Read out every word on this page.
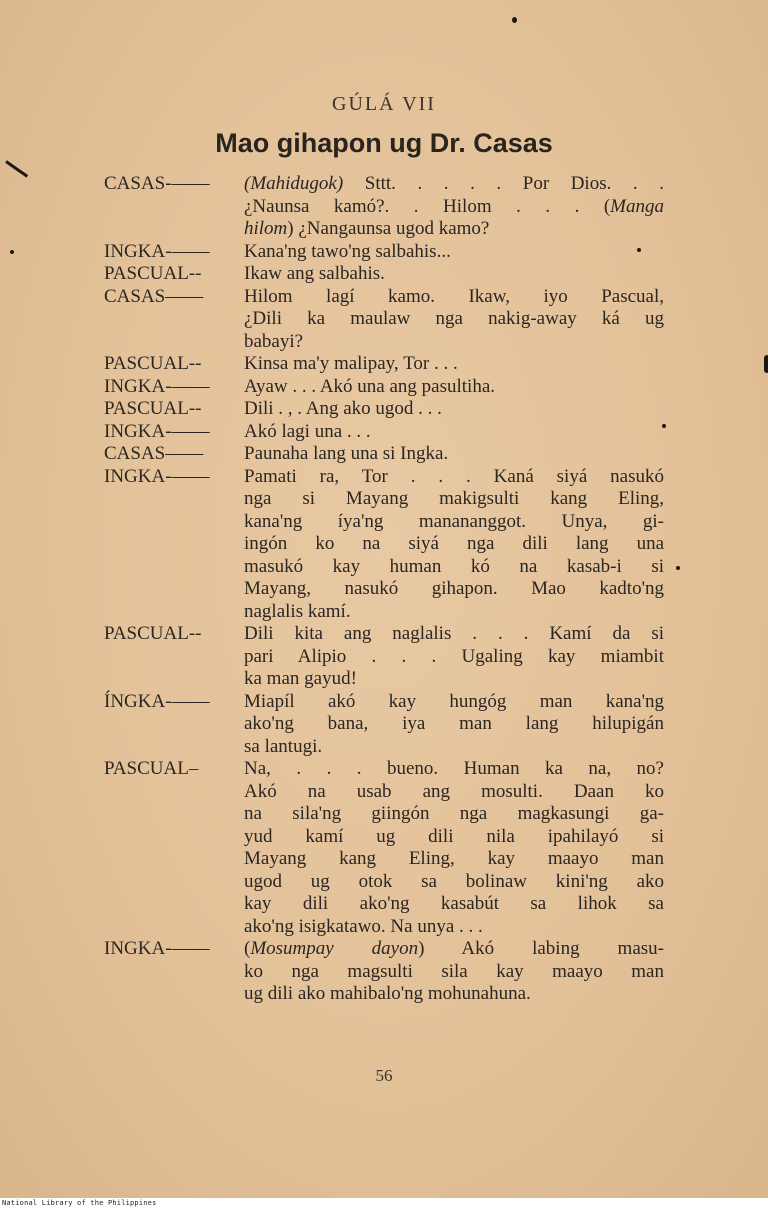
GÚLÁ VII
Mao gihapon ug Dr. Casas
CASAS-—— (Mahidugok) Sttt. . . . . Por Dios. . .
¿Naunsa kamó?. . Hilom . . . (Manga
hilom) ¿Nangaunsa ugod kamo?
INGKA-—— Kana'ng tawo'ng salbahis...
PASCUAL-- Ikaw ang salbahis.
CASAS—— Hilom lagí kamo. Ikaw, iyo Pascual,
¿Dili ka maulaw nga nakig-away ká ug
babayi?
PASCUAL-- Kinsa ma'y malipay, Tor . . .
INGKA-—— Ayaw . . . Akó una ang pasultiha.
PASCUAL-- Dili . , . Ang ako ugod . . .
INGKA-—— Akó lagi una . . .
CASAS—— Paunaha lang una si Ingka.
INGKA-—— Pamati ra, Tor . . . Kaná siyá nasukó
nga si Mayang makigsulti kang Eling,
kana'ng íya'ng manananggot. Unya, gi-
ingón ko na siyá nga dili lang una
masukó kay human kó na kasab-i si
Mayang, nasukó gihapon. Mao kadto'ng
naglalis kamí.
PASCUAL-- Dili kita ang naglalis . . . Kamí da si
pari Alipio . . . Ugaling kay miambit
ka man gayud!
ÍNGKA-—— Miapíl akó kay hungóg man kana'ng
ako'ng bana, iya man lang hilupigán
sa lantugi.
PASCUAL– Na, . . . bueno. Human ka na, no?
Akó na usab ang mosulti. Daan ko
na sila'ng giingón nga magkasungi ga-
yud kamí ug dili nila ipahilayó si
Mayang kang Eling, kay maayo man
ugod ug otok sa bolinaw kini'ng ako
kay dili ako'ng kasabút sa lihok sa
ako'ng isigkatawo. Na unya . . .
INGKA-—— (Mosumpay dayon) Akó labing masu-
ko nga magsulti sila kay maayo man
ug dili ako mahibalo'ng mohunahuna.
56
National Library of the Philippines
